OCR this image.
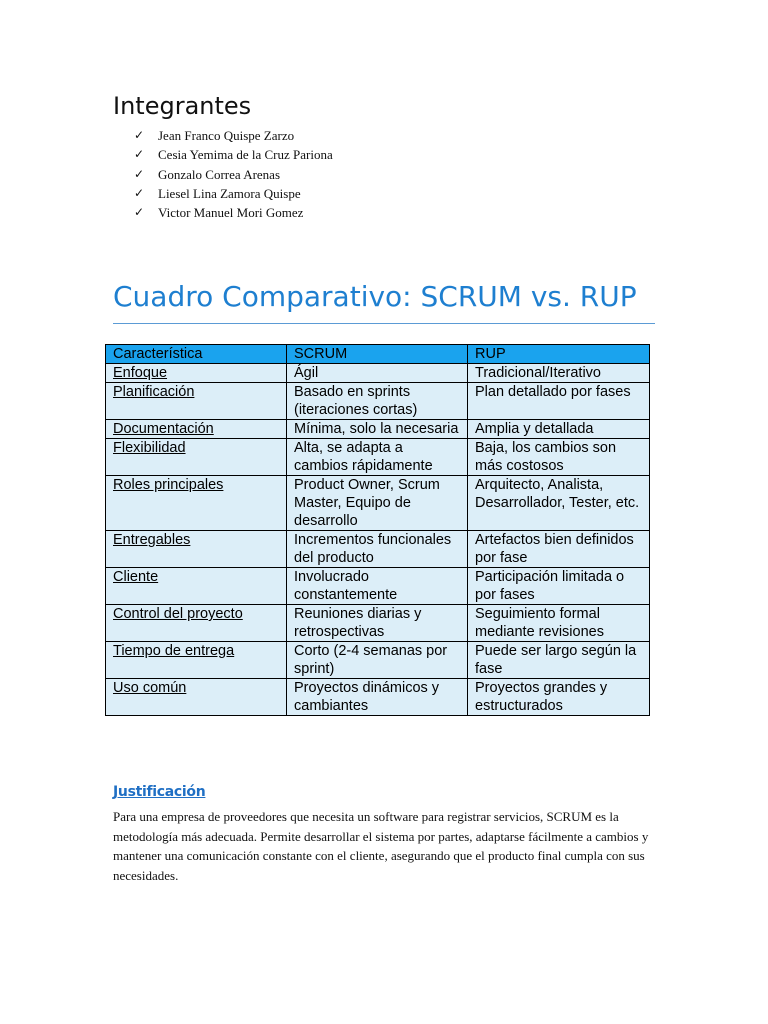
Integrantes
✓	Jean Franco Quispe Zarzo
✓	Cesia Yemima de la Cruz Pariona
✓	Gonzalo Correa Arenas
✓	Liesel Lina Zamora Quispe
✓	Victor Manuel Mori Gomez
Cuadro Comparativo: SCRUM vs. RUP
Característica	SCRUM	RUP
Enfoque	Ágil	Tradicional/Iterativo
Planificación	Basado en sprints (iteraciones cortas)	Plan detallado por fases
Documentación	Mínima, solo la necesaria	Amplia y detallada
Flexibilidad	Alta, se adapta a cambios rápidamente	Baja, los cambios son más costosos
Roles principales	Product Owner, Scrum Master, Equipo de desarrollo	Arquitecto, Analista, Desarrollador, Tester, etc.
Entregables	Incrementos funcionales del producto	Artefactos bien definidos por fase
Cliente	Involucrado constantemente	Participación limitada o por fases
Control del proyecto	Reuniones diarias y retrospectivas	Seguimiento formal mediante revisiones
Tiempo de entrega	Corto (2-4 semanas por sprint)	Puede ser largo según la fase
Uso común	Proyectos dinámicos y cambiantes	Proyectos grandes y estructurados
Justificación

Para una empresa de proveedores que necesita un software para registrar servicios, SCRUM es la metodología más adecuada. Permite desarrollar el sistema por partes, adaptarse fácilmente a cambios y mantener una comunicación constante con el cliente, asegurando que el producto final cumpla con sus necesidades.
